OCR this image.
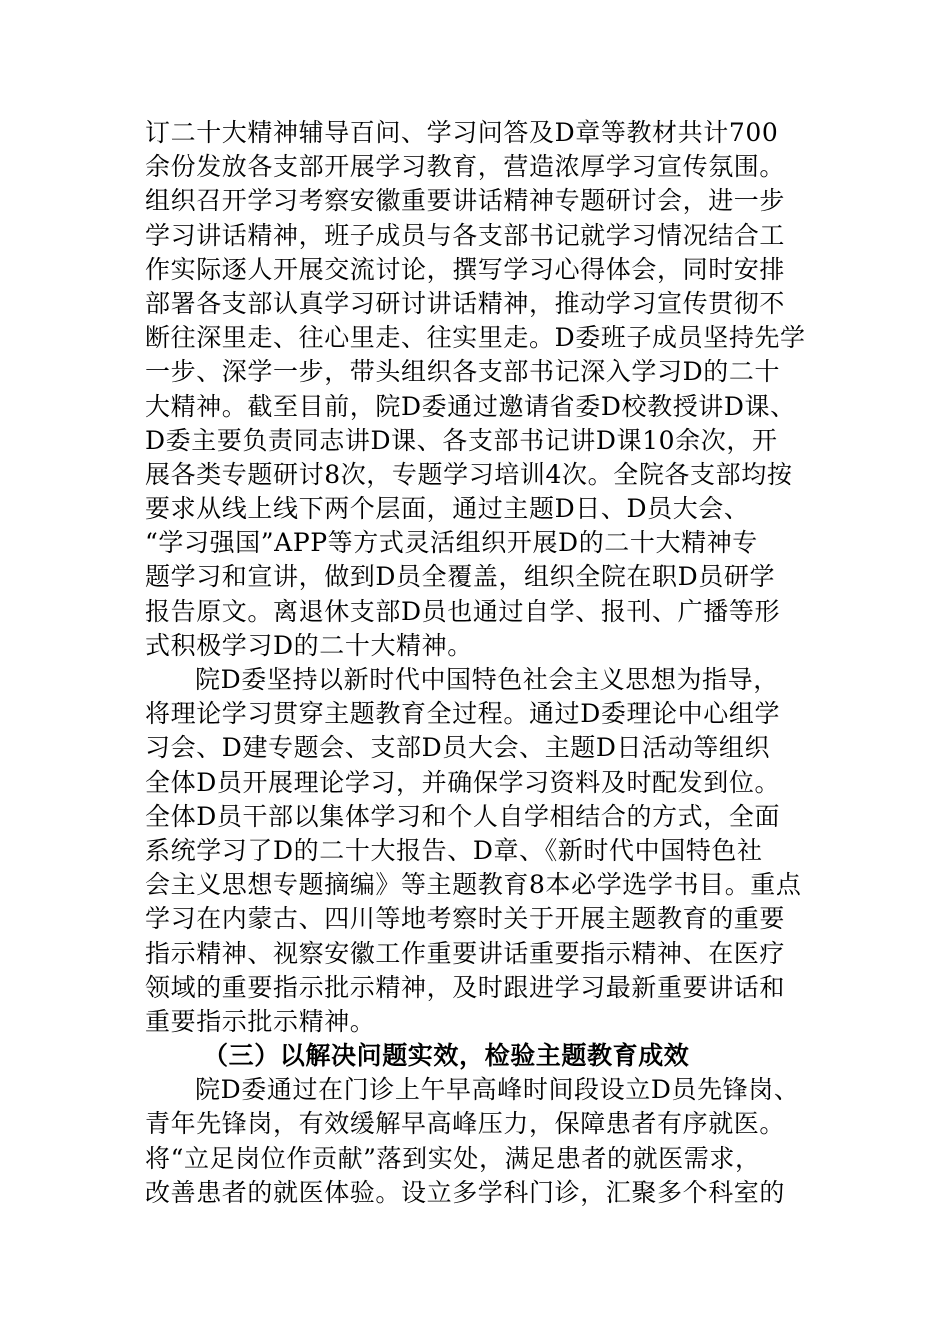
订二十大精神辅导百问、学习问答及D章等教材共计700
余份发放各支部开展学习教育，营造浓厚学习宣传氛围。
组织召开学习考察安徽重要讲话精神专题研讨会，进一步
学习讲话精神，班子成员与各支部书记就学习情况结合工
作实际逐人开展交流讨论，撰写学习心得体会，同时安排
部署各支部认真学习研讨讲话精神，推动学习宣传贯彻不
断往深里走、往心里走、往实里走。D委班子成员坚持先学
一步、深学一步，带头组织各支部书记深入学习D的二十
大精神。截至目前，院D委通过邀请省委D校教授讲D课、
D委主要负责同志讲D课、各支部书记讲D课10余次，开
展各类专题研讨8次，专题学习培训4次。全院各支部均按
要求从线上线下两个层面，通过主题D日、D员大会、
“学习强国”APP等方式灵活组织开展D的二十大精神专
题学习和宣讲，做到D员全覆盖，组织全院在职D员研学
报告原文。离退休支部D员也通过自学、报刊、广播等形
式积极学习D的二十大精神。
院D委坚持以新时代中国特色社会主义思想为指导，
将理论学习贯穿主题教育全过程。通过D委理论中心组学
习会、D建专题会、支部D员大会、主题D日活动等组织
全体D员开展理论学习，并确保学习资料及时配发到位。
全体D员干部以集体学习和个人自学相结合的方式，全面
系统学习了D的二十大报告、D章、《新时代中国特色社
会主义思想专题摘编》等主题教育8本必学选学书目。重点
学习在内蒙古、四川等地考察时关于开展主题教育的重要
指示精神、视察安徽工作重要讲话重要指示精神、在医疗
领域的重要指示批示精神，及时跟进学习最新重要讲话和
重要指示批示精神。
（三）以解决问题实效，检验主题教育成效
院D委通过在门诊上午早高峰时间段设立D员先锋岗、
青年先锋岗，有效缓解早高峰压力，保障患者有序就医。
将“立足岗位作贡献”落到实处，满足患者的就医需求，
改善患者的就医体验。设立多学科门诊，汇聚多个科室的
